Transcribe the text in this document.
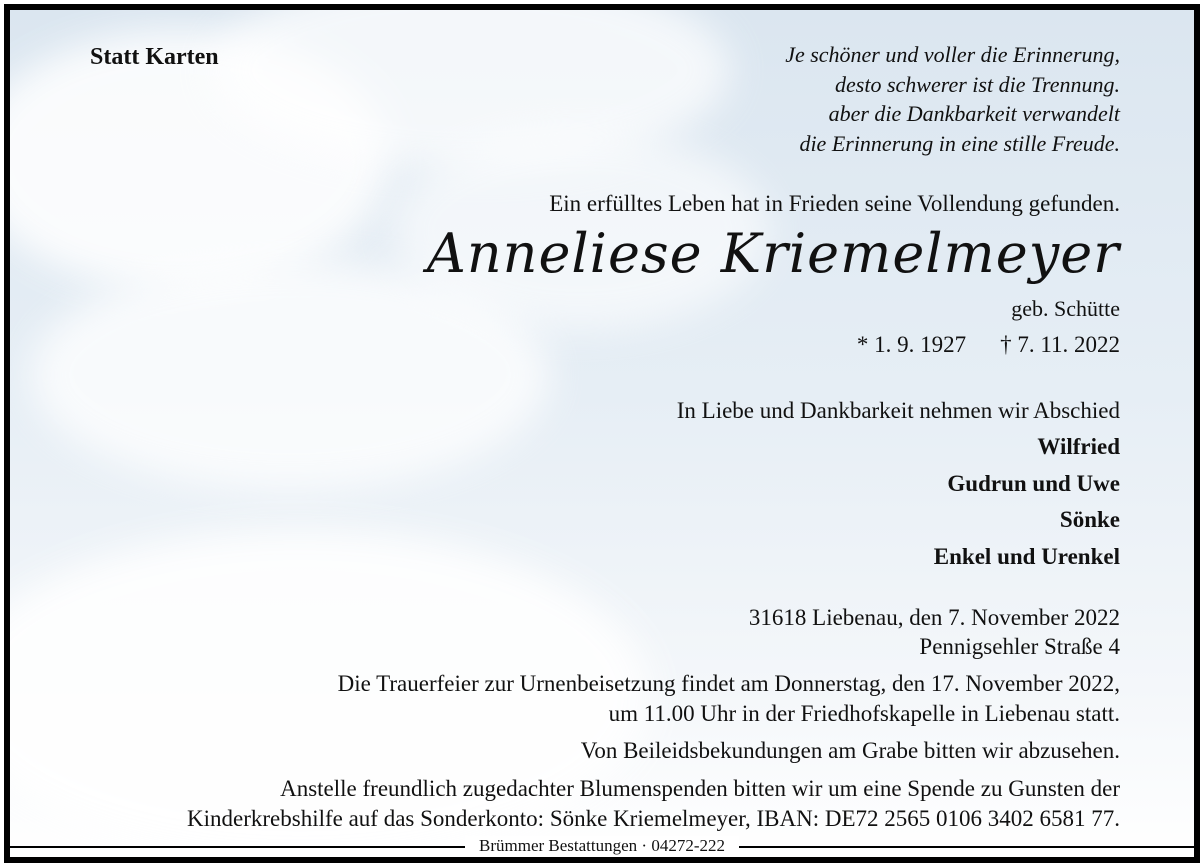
Statt Karten	Je schöner und voller die Erinnerung,
desto schwerer ist die Trennung.
aber die Dankbarkeit verwandelt
die Erinnerung in eine stille Freude.
Ein erfülltes Leben hat in Frieden seine Vollendung gefunden.
Anneliese Kriemelmeyer
geb. Schütte
* 1. 9. 1927 † 7. 11. 2022
In Liebe und Dankbarkeit nehmen wir Abschied
Wilfried
Gudrun und Uwe
Sönke
Enkel und Urenkel
31618 Liebenau, den 7. November 2022
Pennigsehler Straße 4
Die Trauerfeier zur Urnenbeisetzung findet am Donnerstag, den 17. November 2022,
um 11.00 Uhr in der Friedhofskapelle in Liebenau statt.
Von Beileidsbekundungen am Grabe bitten wir abzusehen.
Anstelle freundlich zugedachter Blumenspenden bitten wir um eine Spende zu Gunsten der
Kinderkrebshilfe auf das Sonderkonto: Sönke Kriemelmeyer, IBAN: DE72 2565 0106 3402 6581 77.
Brümmer Bestattungen · 04272-222
